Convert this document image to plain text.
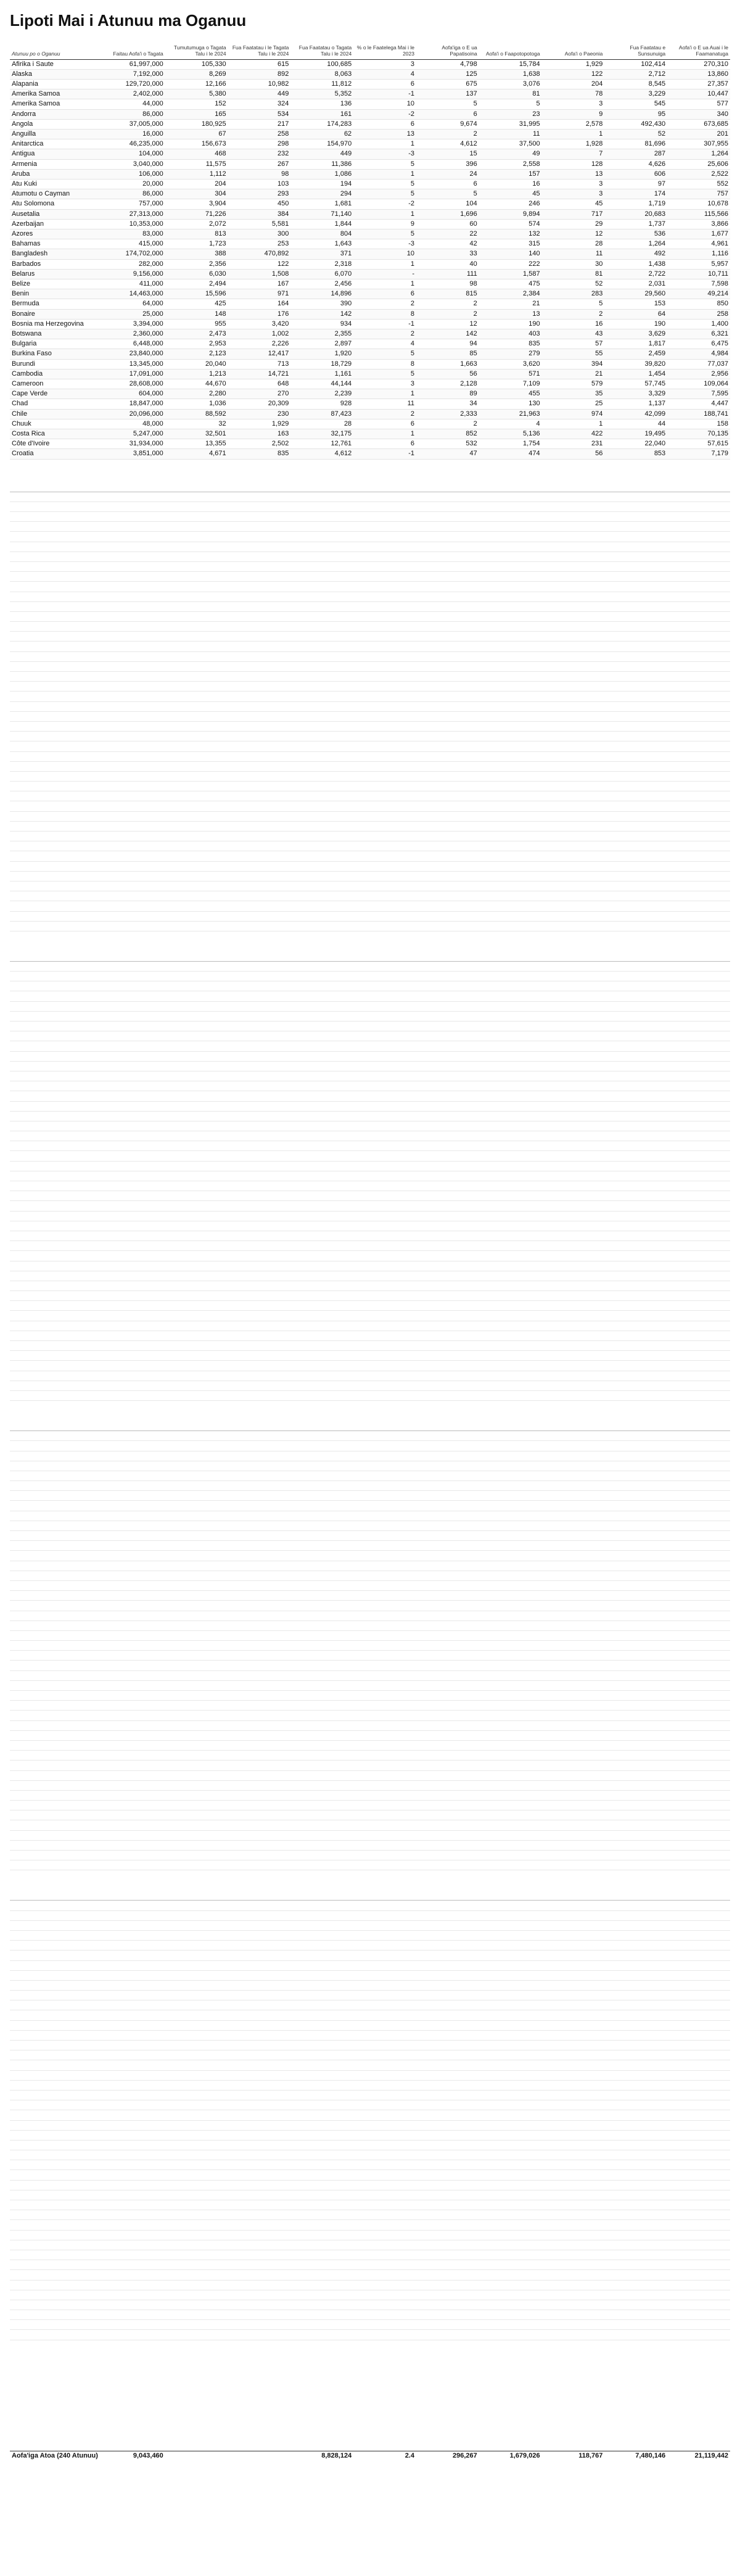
Lipoti Mai i Atunuu ma Oganuu
Atunuu po o Oganuu	Faitau Aofa'i o Tagata	Tumutumuga o Tagata Talu i le 2024	Fua Faatatau i le Tagata Talu i le 2024	Fua Faatatau o Tagata Talu i le 2024	% o le Faatelega Mai i le 2023	Aofa'iga o E ua Papatisoina	Aofa'i o Faapotopotoga	Aofa'i o Paeonia	Fua Faatatau e Sunsunuiga	Aofa'i o E ua Auai i le Faamanatuga
Afirika i Saute	61,997,000	105,330	615	100,685	3	4,798	15,784	1,929	102,414	270,310
Alaska	7,192,000	8,269	892	8,063	4	125	1,638	122	2,712	13,860
Alapania	129,720,000	12,166	10,982	11,812	6	675	3,076	204	8,545	27,357
Amerika Samoa	2,402,000	5,380	449	5,352	-1	137	81	78	3,229	10,447
Amerika Samoa	44,000	152	324	136	10	5	5	3	545	577
Andorra	86,000	165	534	161	-2	6	23	9	95	340
Angola	37,005,000	180,925	217	174,283	6	9,674	31,995	2,578	492,430	673,685
Anguilla	16,000	67	258	62	13	2	11	1	52	201
Anitarctica	46,235,000	156,673	298	154,970	1	4,612	37,500	1,928	81,696	307,955
Antigua	104,000	468	232	449	-3	15	49	7	287	1,264
Armenia	3,040,000	11,575	267	11,386	5	396	2,558	128	4,626	25,606
Aruba	106,000	1,112	98	1,086	1	24	157	13	606	2,522
Atu Kuki	20,000	204	103	194	5	6	16	3	97	552
Atumotu o Cayman	86,000	304	293	294	5	5	45	3	174	757
Atu Solomona	757,000	3,904	450	1,681	-2	104	246	45	1,719	10,678
Ausetalia	27,313,000	71,226	384	71,140	1	1,696	9,894	717	20,683	115,566
Azerbaijan	10,353,000	2,072	5,581	1,844	9	60	574	29	1,737	3,866
Azores	83,000	813	300	804	5	22	132	12	536	1,677
Bahamas	415,000	1,723	253	1,643	-3	42	315	28	1,264	4,961
Bangladesh	174,702,000	388	470,892	371	10	33	140	11	492	1,116
Barbados	282,000	2,356	122	2,318	1	40	222	30	1,438	5,957
Belarus	9,156,000	6,030	1,508	6,070	-	111	1,587	81	2,722	10,711
Belize	411,000	2,494	167	2,456	1	98	475	52	2,031	7,598
Benin	14,463,000	15,596	971	14,896	6	815	2,384	283	29,560	49,214
Bermuda	64,000	425	164	390	2	2	21	5	153	850
Bonaire	25,000	148	176	142	8	2	13	2	64	258
Bosnia ma Herzegovina	3,394,000	955	3,420	934	-1	12	190	16	190	1,400
Botswana	2,360,000	2,473	1,002	2,355	2	142	403	43	3,629	6,321
Bulgaria	6,448,000	2,953	2,226	2,897	4	94	835	57	1,817	6,475
Burkina Faso	23,840,000	2,123	12,417	1,920	5	85	279	55	2,459	4,984
Burundi	13,345,000	20,040	713	18,729	8	1,663	3,620	394	39,820	77,037
Cambodia	17,091,000	1,213	14,721	1,161	5	56	571	21	1,454	2,956
Cameroon	28,608,000	44,670	648	44,144	3	2,128	7,109	579	57,745	109,064
Cape Verde	604,000	2,280	270	2,239	1	89	455	35	3,329	7,595
Chad	18,847,000	1,036	20,309	928	11	34	130	25	1,137	4,447
Chile	20,096,000	88,592	230	87,423	2	2,333	21,963	974	42,099	188,741
Chuuk	48,000	32	1,929	28	6	2	4	1	44	158
Costa Rica	5,247,000	32,501	163	32,175	1	852	5,136	422	19,495	70,135
Côte d'Ivoire	31,934,000	13,355	2,502	12,761	6	532	1,754	231	22,040	57,615
Croatia	3,851,000	4,671	835	4,612	-1	47	474	56	853	7,179
Aofa'iga Atoa (240 Atunuu)	9,043,460			8,828,124	2.4	296,267	1,679,026	118,767	7,480,146	21,119,442
